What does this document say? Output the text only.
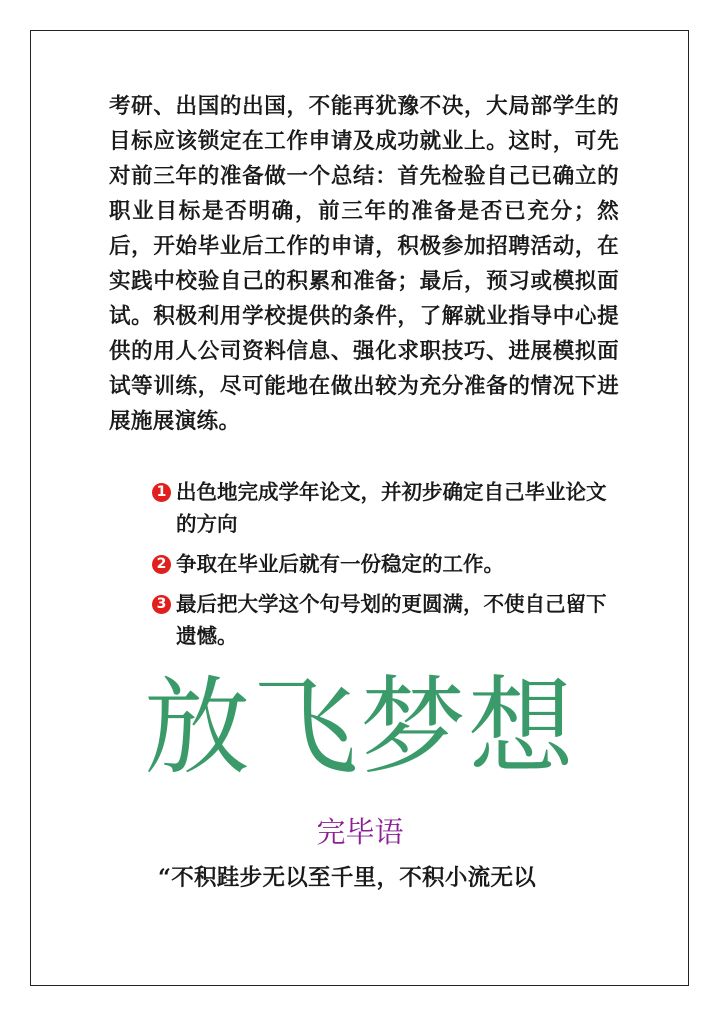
考研、出国的出国，不能再犹豫不决，大局部学生的目标应该锁定在工作申请及成功就业上。这时，可先对前三年的准备做一个总结：首先检验自己已确立的职业目标是否明确，前三年的准备是否已充分；然后，开始毕业后工作的申请，积极参加招聘活动，在实践中校验自己的积累和准备；最后，预习或模拟面试。积极利用学校提供的条件，了解就业指导中心提供的用人公司资料信息、强化求职技巧、进展模拟面试等训练，尽可能地在做出较为充分准备的情况下进展施展演练。

1 出色地完成学年论文，并初步确定自己毕业论文的方向
2 争取在毕业后就有一份稳定的工作。
3 最后把大学这个句号划的更圆满，不使自己留下遗憾。
放飞梦想
完毕语

“不积跬步无以至千里，不积小流无以
